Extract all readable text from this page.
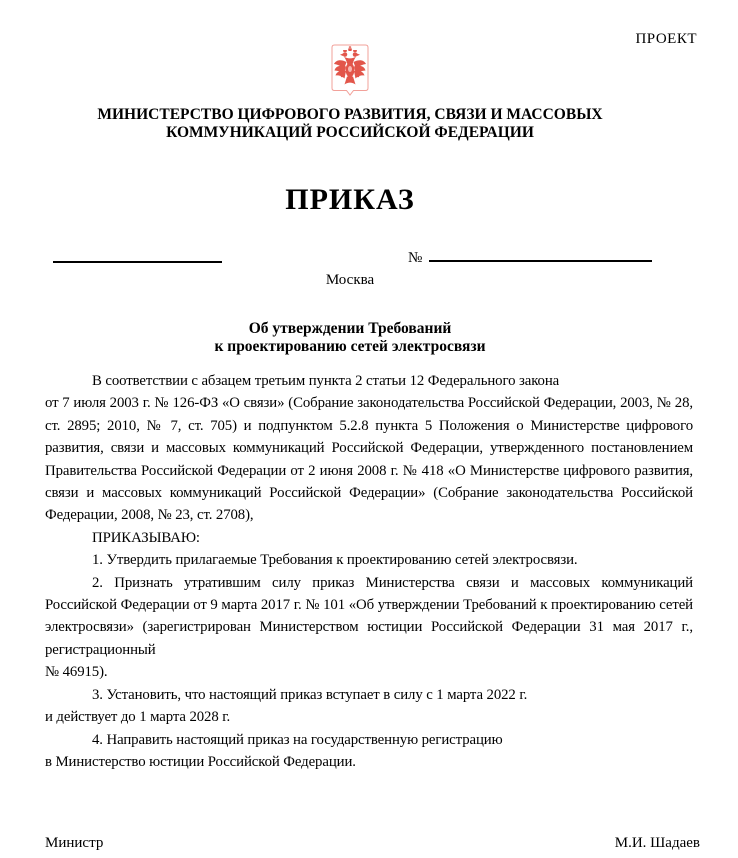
ПРОЕКТ
МИНИСТЕРСТВО ЦИФРОВОГО РАЗВИТИЯ, СВЯЗИ И МАССОВЫХ
КОММУНИКАЦИЙ РОССИЙСКОЙ ФЕДЕРАЦИИ
ПРИКАЗ
№
Москва
Об утверждении Требований
к проектированию сетей электросвязи

В соответствии с абзацем третьим пункта 2 статьи 12 Федерального закона
от 7 июля 2003 г. № 126-ФЗ «О связи» (Собрание законодательства Российской Федерации, 2003, № 28, ст. 2895; 2010, № 7, ст. 705) и подпунктом 5.2.8 пункта 5 Положения о Министерстве цифрового развития, связи и массовых коммуникаций Российской Федерации, утвержденного постановлением Правительства Российской Федерации от 2 июня 2008 г. № 418 «О Министерстве цифрового развития, связи и массовых коммуникаций Российской Федерации» (Собрание законодательства Российской Федерации, 2008, № 23, ст. 2708),

ПРИКАЗЫВАЮ:

1. Утвердить прилагаемые Требования к проектированию сетей электросвязи.

2. Признать утратившим силу приказ Министерства связи и массовых коммуникаций Российской Федерации от 9 марта 2017 г. № 101 «Об утверждении Требований к проектированию сетей электросвязи» (зарегистрирован Министерством юстиции Российской Федерации 31 мая 2017 г., регистрационный
№ 46915).

3. Установить, что настоящий приказ вступает в силу с 1 марта 2022 г.
и действует до 1 марта 2028 г.

4. Направить настоящий приказ на государственную регистрацию
в Министерство юстиции Российской Федерации.

Министр	М.И. Шадаев
